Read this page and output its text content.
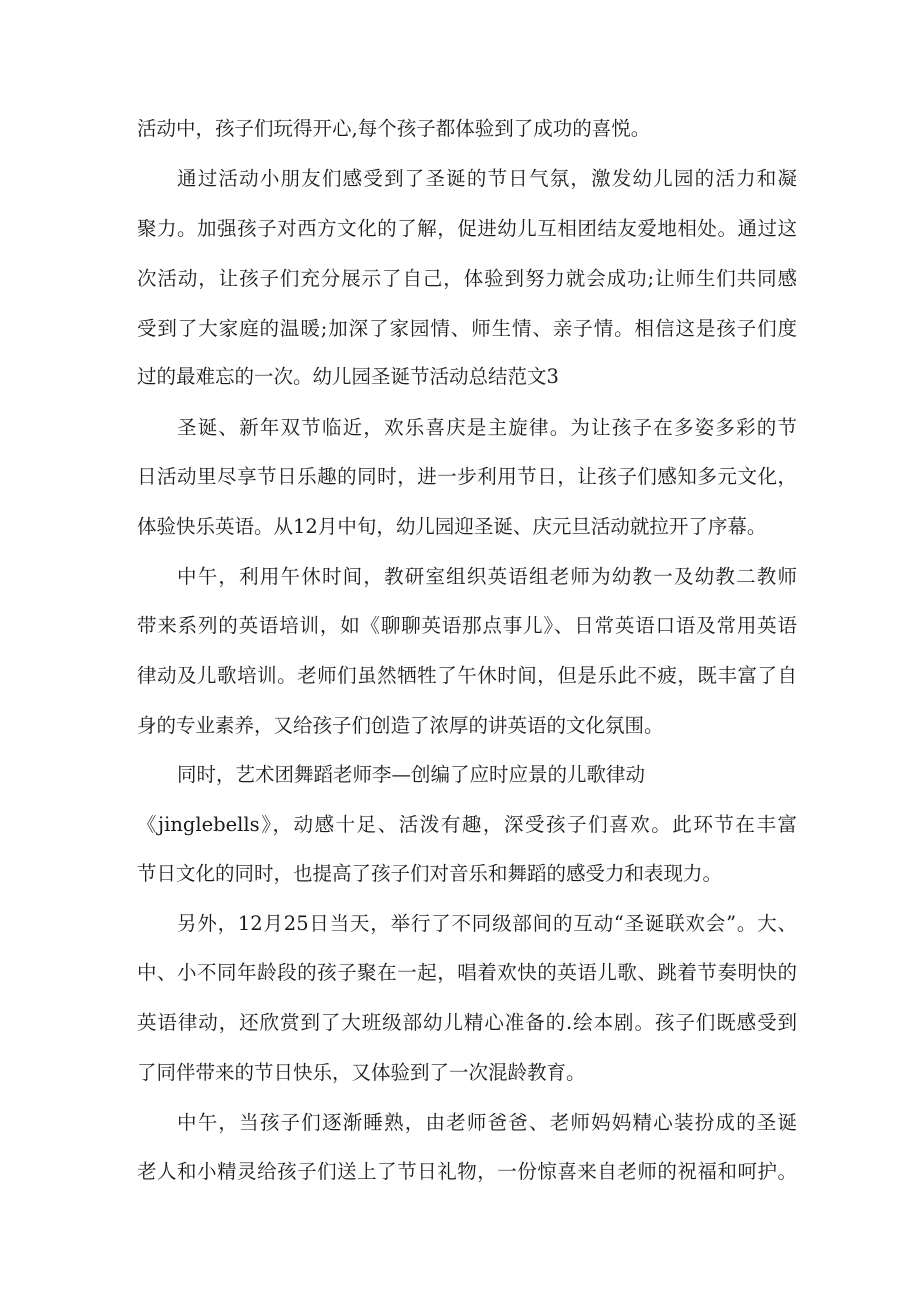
活动中，孩子们玩得开心,每个孩子都体验到了成功的喜悦。
通过活动小朋友们感受到了圣诞的节日气氛，激发幼儿园的活力和凝
聚力。加强孩子对西方文化的了解，促进幼儿互相团结友爱地相处。通过这
次活动，让孩子们充分展示了自己，体验到努力就会成功;让师生们共同感
受到了大家庭的温暖;加深了家园情、师生情、亲子情。相信这是孩子们度
过的最难忘的一次。幼儿园圣诞节活动总结范文3
圣诞、新年双节临近，欢乐喜庆是主旋律。为让孩子在多姿多彩的节
日活动里尽享节日乐趣的同时，进一步利用节日，让孩子们感知多元文化，
体验快乐英语。从12月中旬，幼儿园迎圣诞、庆元旦活动就拉开了序幕。
中午，利用午休时间，教研室组织英语组老师为幼教一及幼教二教师
带来系列的英语培训，如《聊聊英语那点事儿》、日常英语口语及常用英语
律动及儿歌培训。老师们虽然牺牲了午休时间，但是乐此不疲，既丰富了自
身的专业素养，又给孩子们创造了浓厚的讲英语的文化氛围。
同时，艺术团舞蹈老师李—创编了应时应景的儿歌律动
《jinglebells》，动感十足、活泼有趣，深受孩子们喜欢。此环节在丰富
节日文化的同时，也提高了孩子们对音乐和舞蹈的感受力和表现力。
另外，12月25日当天，举行了不同级部间的互动“圣诞联欢会”。大、
中、小不同年龄段的孩子聚在一起，唱着欢快的英语儿歌、跳着节奏明快的
英语律动，还欣赏到了大班级部幼儿精心准备的.绘本剧。孩子们既感受到
了同伴带来的节日快乐，又体验到了一次混龄教育。
中午，当孩子们逐渐睡熟，由老师爸爸、老师妈妈精心装扮成的圣诞
老人和小精灵给孩子们送上了节日礼物，一份惊喜来自老师的祝福和呵护。
